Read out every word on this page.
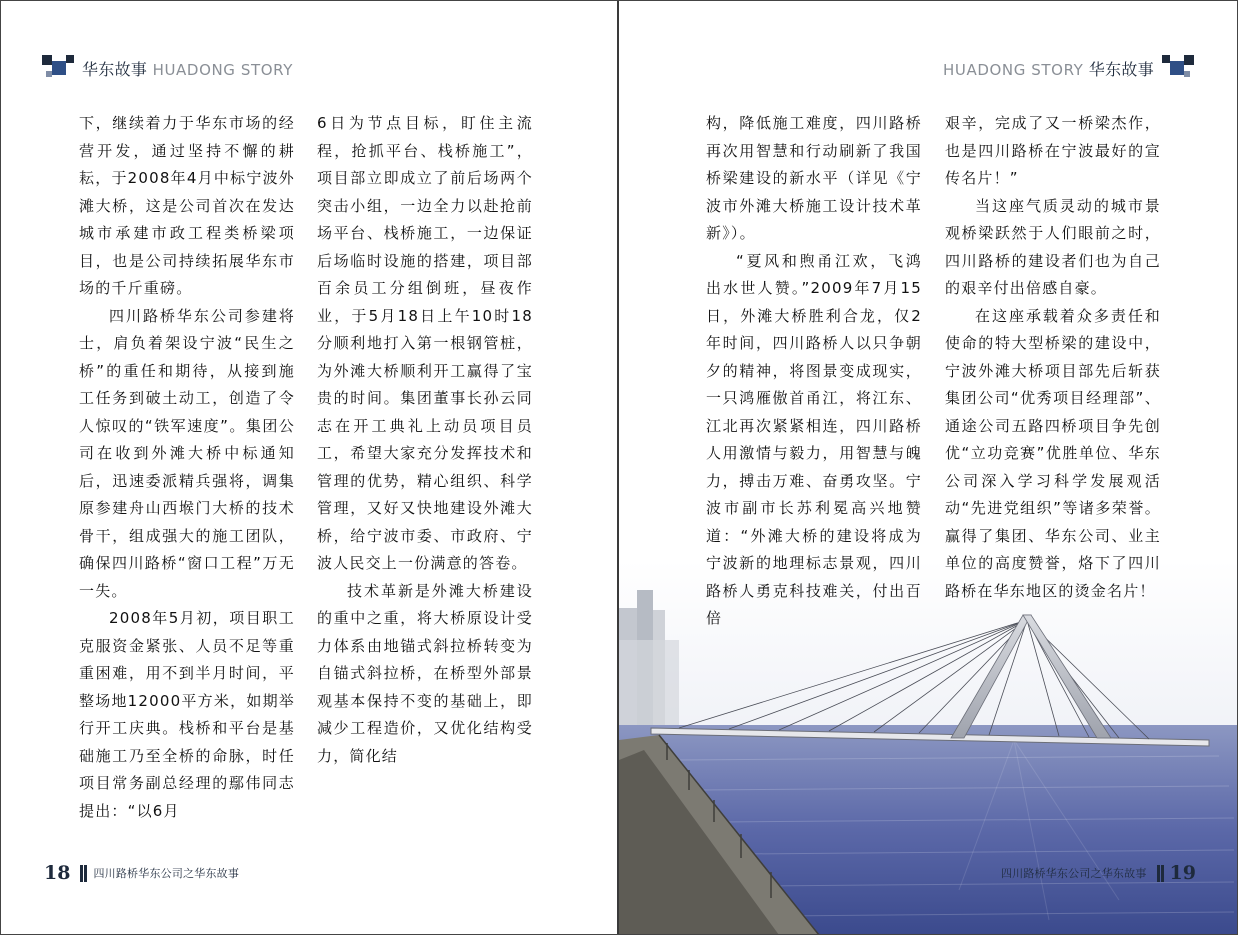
华东故事 HUADONG STORY

下，继续着力于华东市场的经营开发，通过坚持不懈的耕耘，于2008年4月中标宁波外滩大桥，这是公司首次在发达城市承建市政工程类桥梁项目，也是公司持续拓展华东市场的千斤重磅。

四川路桥华东公司参建将士，肩负着架设宁波“民生之桥”的重任和期待，从接到施工任务到破土动工，创造了令人惊叹的“铁军速度”。集团公司在收到外滩大桥中标通知后，迅速委派精兵强将，调集原参建舟山西堠门大桥的技术骨干，组成强大的施工团队，确保四川路桥“窗口工程”万无一失。

2008年5月初，项目职工克服资金紧张、人员不足等重重困难，用不到半月时间，平整场地12000平方米，如期举行开工庆典。栈桥和平台是基础施工乃至全桥的命脉，时任项目常务副总经理的鄢伟同志提出：“以6月

6日为节点目标，盯住主流程，抢抓平台、栈桥施工”，项目部立即成立了前后场两个突击小组，一边全力以赴抢前场平台、栈桥施工，一边保证后场临时设施的搭建，项目部百余员工分组倒班，昼夜作业，于5月18日上午10时18分顺利地打入第一根钢管桩，为外滩大桥顺利开工赢得了宝贵的时间。集团董事长孙云同志在开工典礼上动员项目员工，希望大家充分发挥技术和管理的优势，精心组织、科学管理，又好又快地建设外滩大桥，给宁波市委、市政府、宁波人民交上一份满意的答卷。

技术革新是外滩大桥建设的重中之重，将大桥原设计受力体系由地锚式斜拉桥转变为自锚式斜拉桥，在桥型外部景观基本保持不变的基础上，即减少工程造价，又优化结构受力，简化结

18 四川路桥华东公司之华东故事
HUADONG STORY 华东故事

构，降低施工难度，四川路桥再次用智慧和行动刷新了我国桥梁建设的新水平（详见《宁波市外滩大桥施工设计技术革新》）。

“夏风和煦甬江欢，飞鸿出水世人赞。”2009年7月15日，外滩大桥胜利合龙，仅2年时间，四川路桥人以只争朝夕的精神，将图景变成现实，一只鸿雁傲首甬江，将江东、江北再次紧紧相连，四川路桥人用激情与毅力，用智慧与魄力，搏击万难、奋勇攻坚。宁波市副市长苏利冕高兴地赞道：“外滩大桥的建设将成为宁波新的地理标志景观，四川路桥人勇克科技难关，付出百倍

艰辛，完成了又一桥梁杰作，也是四川路桥在宁波最好的宣传名片！”

当这座气质灵动的城市景观桥梁跃然于人们眼前之时，四川路桥的建设者们也为自己的艰辛付出倍感自豪。

在这座承载着众多责任和使命的特大型桥梁的建设中，宁波外滩大桥项目部先后斩获集团公司“优秀项目经理部”、通途公司五路四桥项目争先创优“立功竞赛”优胜单位、华东公司深入学习科学发展观活动“先进党组织”等诸多荣誉。赢得了集团、华东公司、业主单位的高度赞誉，烙下了四川路桥在华东地区的烫金名片！

四川路桥华东公司之华东故事 19
